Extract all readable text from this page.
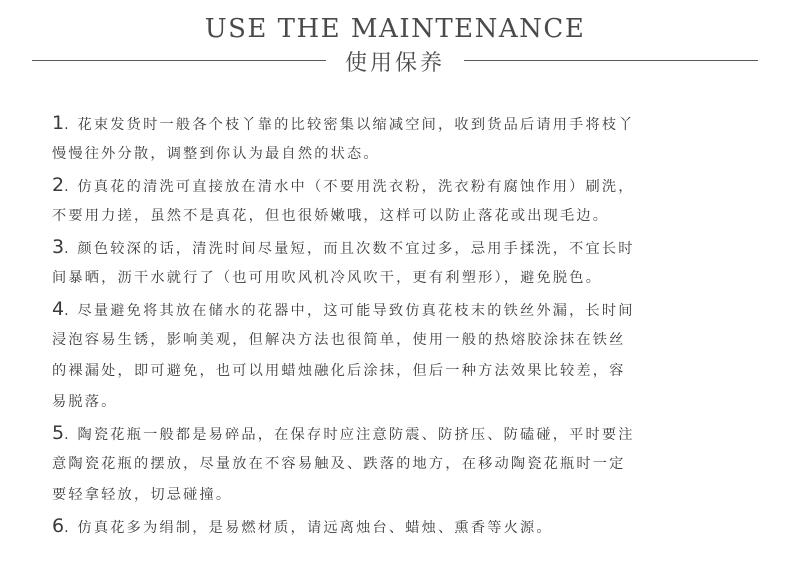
USE THE MAINTENANCE
使用保养
1. 花束发货时一般各个枝丫靠的比较密集以缩减空间，收到货品后请用手将枝丫
慢慢往外分散，调整到你认为最自然的状态。
2. 仿真花的清洗可直接放在清水中（不要用洗衣粉，洗衣粉有腐蚀作用）刷洗，
不要用力搓，虽然不是真花，但也很娇嫩哦，这样可以防止落花或出现毛边。
3. 颜色较深的话，清洗时间尽量短，而且次数不宜过多，忌用手揉洗，不宜长时
间暴晒，沥干水就行了（也可用吹风机冷风吹干，更有利塑形），避免脱色。
4. 尽量避免将其放在储水的花器中，这可能导致仿真花枝末的铁丝外漏，长时间
浸泡容易生锈，影响美观，但解决方法也很简单，使用一般的热熔胶涂抹在铁丝
的裸漏处，即可避免，也可以用蜡烛融化后涂抹，但后一种方法效果比较差，容
易脱落。
5. 陶瓷花瓶一般都是易碎品，在保存时应注意防震、防挤压、防磕碰，平时要注
意陶瓷花瓶的摆放，尽量放在不容易触及、跌落的地方，在移动陶瓷花瓶时一定
要轻拿轻放，切忌碰撞。
6. 仿真花多为绢制，是易燃材质，请远离烛台、蜡烛、熏香等火源。
